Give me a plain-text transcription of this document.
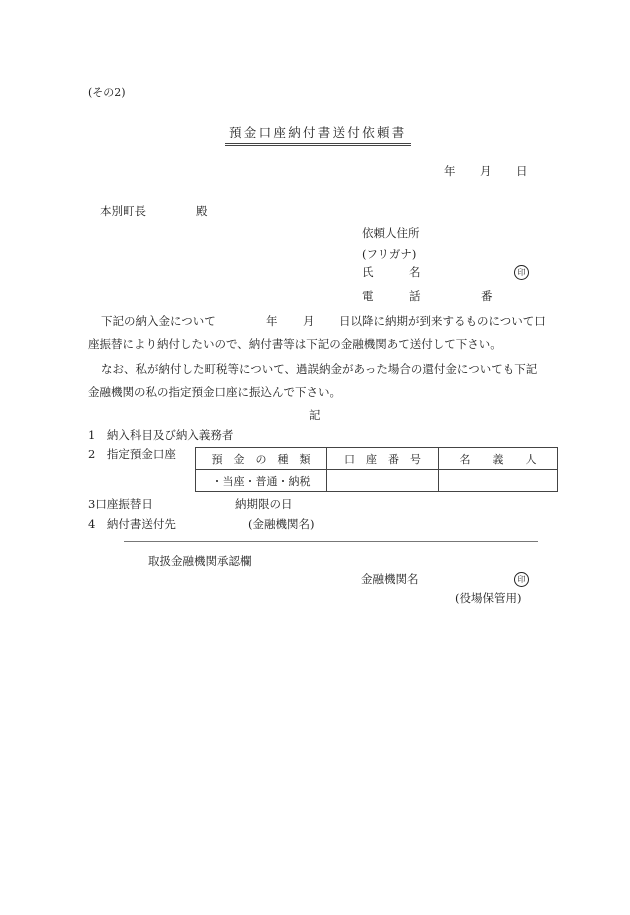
(その2)
預金口座納付書送付依頼書
年 月 日
本別町長	殿
依頼人住所
(フリガナ)
氏	名	印
電	話	番
下記の納入金について	年 月 日以降に納期が到来するものについて口
座振替により納付したいので、納付書等は下記の金融機関あて送付して下さい。
なお、私が納付した町税等について、過誤納金があった場合の還付金についても下記
金融機関の私の指定預金口座に振込んで下さい。
記
1　納入科目及び納入義務者
2　指定預金口座	預　金　の　種　類	口　座　番　号	名　　義　　人
・当座・普通・納税		
3口座振替日	納期限の日
4　納付書送付先	(金融機関名)
取扱金融機関承認欄
金融機関名	印
(役場保管用)
